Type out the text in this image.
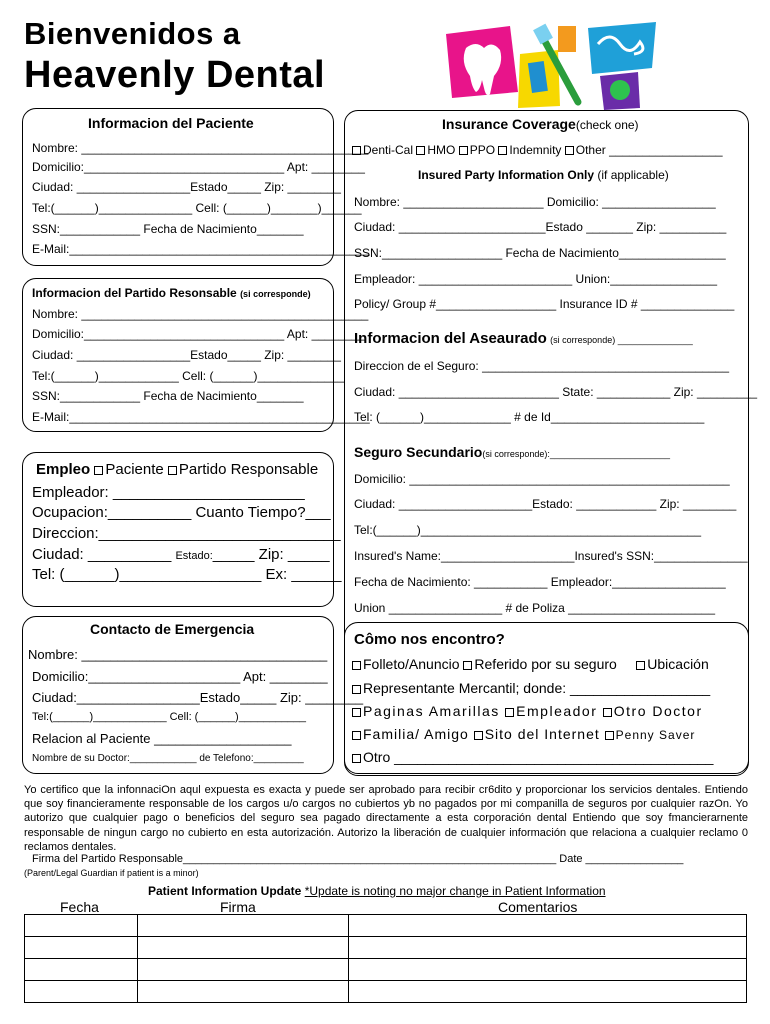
Bienvenidos a
Heavenly Dental
Informacion del Paciente
Nombre: ___________________________________________
Domicilio:______________________________ Apt: ________
Ciudad: _________________Estado_____ Zip: ________
Tel:(______)______________ Cell: (______)_______)______
SSN:____________ Fecha de Nacimiento_______
E-Mail:_____________________________________________
Informacion del Partido Resonsable (si corresponde)
Nombre: ___________________________________________
Domicilio:______________________________ Apt: ________
Ciudad: _________________Estado_____ Zip: ________
Tel:(______)____________ Cell: (______)_____________
SSN:____________ Fecha de Nacimiento_______
E-Mail:_____________________________________________
Empleo Paciente Partido Responsable
Empleador: _______________________
Ocupacion:__________ Cuanto Tiempo?___
Direccion:_____________________________
Ciudad: __________ Estado:_____ Zip: _____
Tel: (______)_________________ Ex: ______
Contacto de Emergencia
Nombre: __________________________________
Domicilio:_____________________ Apt: ________
Ciudad:_________________Estado_____ Zip: ________
Tel:(______)____________ Cell: (______)___________
Relacion al Paciente ___________________
Nombre de su Doctor:____________ de Telefono:_________
Insurance Coverage(check one)
Denti-Cal HMO PPO Indemnity Other _________________
Insured Party Information Only (if applicable)
Nombre: _____________________ Domicilio: _________________
Ciudad: ______________________Estado _______ Zip: __________
SSN:__________________ Fecha de Nacimiento________________
Empleador: _______________________ Union:________________
Policy/ Group #__________________ Insurance ID # ______________
Informacion del Aseaurado (si corresponde) _______________
Direccion de el Seguro: _____________________________________
Ciudad: ________________________ State: ___________ Zip: _________
Tel: (______)_____________ # de Id_______________________
Seguro Secundario(si corresponde):________________________
Domicilio: ________________________________________________
Ciudad: ____________________Estado: ____________ Zip: ________
Tel:(______)__________________________________________
Insured's Name:____________________Insured's SSN:______________
Fecha de Nacimiento: ___________ Empleador:_________________
Union _________________ # de Poliza ______________________
Cômo nos encontro?
Folleto/Anuncio Referido por su seguro Ubicación
Representante Mercantil; donde: __________________
Paginas Amarillas Empleador Otro Doctor
Familia/ Amigo Sito del Internet Penny Saver
Otro _________________________________________
Yo certifico que la infonnaciOn aqul expuesta es exacta y puede ser aprobado para recibir cr6dito y proporcionar los servicios dentales. Entiendo que soy financieramente responsable de los cargos u/o cargos no cubiertos yb no pagados por mi companilla de seguros por cualquier razOn. Yo autorizo que cualquier pago o beneficios del seguro sea pagado directamente a esta corporación dental Entiendo que soy fmancierarnente responsable de ningun cargo no cubierto en esta autorización. Autorizo la liberación de cualquier información que relaciona a cualquier reclamo 0 reclamos dentales.
Firma del Partido Responsable_____________________________________________________________ Date ________________
(Parent/Legal Guardian if patient is a minor)
Patient Information Update *Update is noting no major change in Patient Information
Fecha	Firma	Comentarios
